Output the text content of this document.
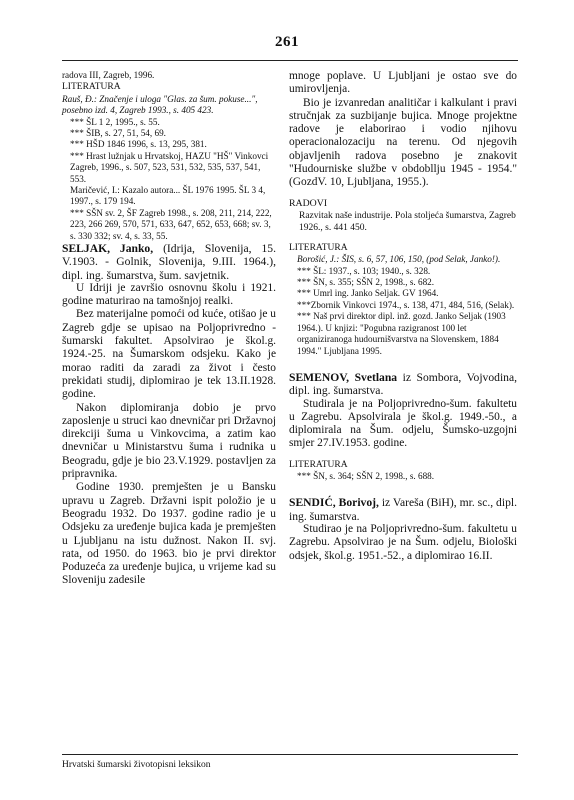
261

radova III, Zagreb, 1996.

LITERATURA

Rauš, Đ.: Značenje i uloga "Glas. za šum. pokuse...", posebno izd. 4, Zagreb 1993., s. 405 423.

*** ŠL 1 2, 1995., s. 55.

*** ŠIB, s. 27, 51, 54, 69.

*** HŠD 1846 1996, s. 13, 295, 381.

*** Hrast lužnjak u Hrvatskoj, HAZU "HŠ" Vinkovci Zagreb, 1996., s. 507, 523, 531, 532, 535, 537, 541, 553.

Maričević, I.: Kazalo autora... ŠL 1976 1995. ŠL 3 4, 1997., s. 179 194.

*** SŠN sv. 2, ŠF Zagreb 1998., s. 208, 211, 214, 222, 223, 266 269, 570, 571, 633, 647, 652, 653, 668; sv. 3, s. 330 332; sv. 4, s. 33, 55.

SELJAK, Janko, (Idrija, Slovenija, 15. V.1903. - Golnik, Slovenija, 9.III. 1964.), dipl. ing. šumarstva, šum. savjetnik.

U Idriji je završio osnovnu školu i 1921. godine maturirao na tamošnjoj realki.

Bez materijalne pomoći od kuće, otišao je u Zagreb gdje se upisao na Poljoprivredno - šumarski fakultet. Apsolvirao je škol.g. 1924.-25. na Šumarskom odsjeku. Kako je morao raditi da zaradi za život i često prekidati studij, diplomirao je tek 13.II.1928. godine.

Nakon diplomiranja dobio je prvo zaposlenje u struci kao dnevničar pri Državnoj direkciji šuma u Vinkovcima, a zatim kao dnevničar u Ministarstvu šuma i rudnika u Beogradu, gdje je bio 23.V.1929. postavljen za pripravnika.

Godine 1930. premješten je u Bansku upravu u Zagreb. Državni ispit položio je u Beogradu 1932. Do 1937. godine radio je u Odsjeku za uređenje bujica kada je premješten u Ljubljanu na istu dužnost. Nakon II. svj. rata, od 1950. do 1963. bio je prvi direktor Poduzeća za uređenje bujica, u vrijeme kad su Sloveniju zadesile

mnoge poplave. U Ljubljani je ostao sve do umirovljenja.

Bio je izvanredan analitičar i kalkulant i pravi stručnjak za suzbijanje bujica. Mnoge projektne radove je elaborirao i vodio njihovu operacionalozaciju na terenu. Od njegovih objavljenih radova posebno je znakovit "Hudourniske službe v obdobllju 1945 - 1954." (GozdV. 10, Ljubljana, 1955.).

RADOVI

Razvitak naše industrije. Pola stoljeća šumarstva, Zagreb 1926., s. 441 450.

LITERATURA

Borošić, J.: ŠIS, s. 6, 57, 106, 150, (pod Selak, Janko!).

*** ŠL: 1937., s. 103; 1940., s. 328.

*** ŠN, s. 355; SŠN 2, 1998., s. 682.

*** Umrl ing. Janko Seljak. GV 1964.

***Zbornik Vinkovci 1974., s. 138, 471, 484, 516, (Selak).

*** Naš prvi direktor dipl. inž. gozd. Janko Seljak (1903 1964.). U knjizi: "Pogubna razigranost 100 let organiziranoga hudournišvarstva na Slovenskem, 1884 1994." Ljubljana 1995.

SEMENOV, Svetlana iz Sombora, Vojvodina, dipl. ing. šumarstva.

Studirala je na Poljoprivredno-šum. fakultetu u Zagrebu. Apsolvirala je škol.g. 1949.-50., a diplomirala na Šum. odjelu, Šumsko-uzgojni smjer 27.IV.1953. godine.

LITERATURA

*** ŠN, s. 364; SŠN 2, 1998., s. 688.

SENDIĆ, Borivoj, iz Vareša (BiH), mr. sc., dipl. ing. šumarstva.

Studirao je na Poljoprivredno-šum. fakultetu u Zagrebu. Apsolvirao je na Šum. odjelu, Biološki odsjek, škol.g. 1951.-52., a diplomirao 16.II.

Hrvatski šumarski životopisni leksikon
